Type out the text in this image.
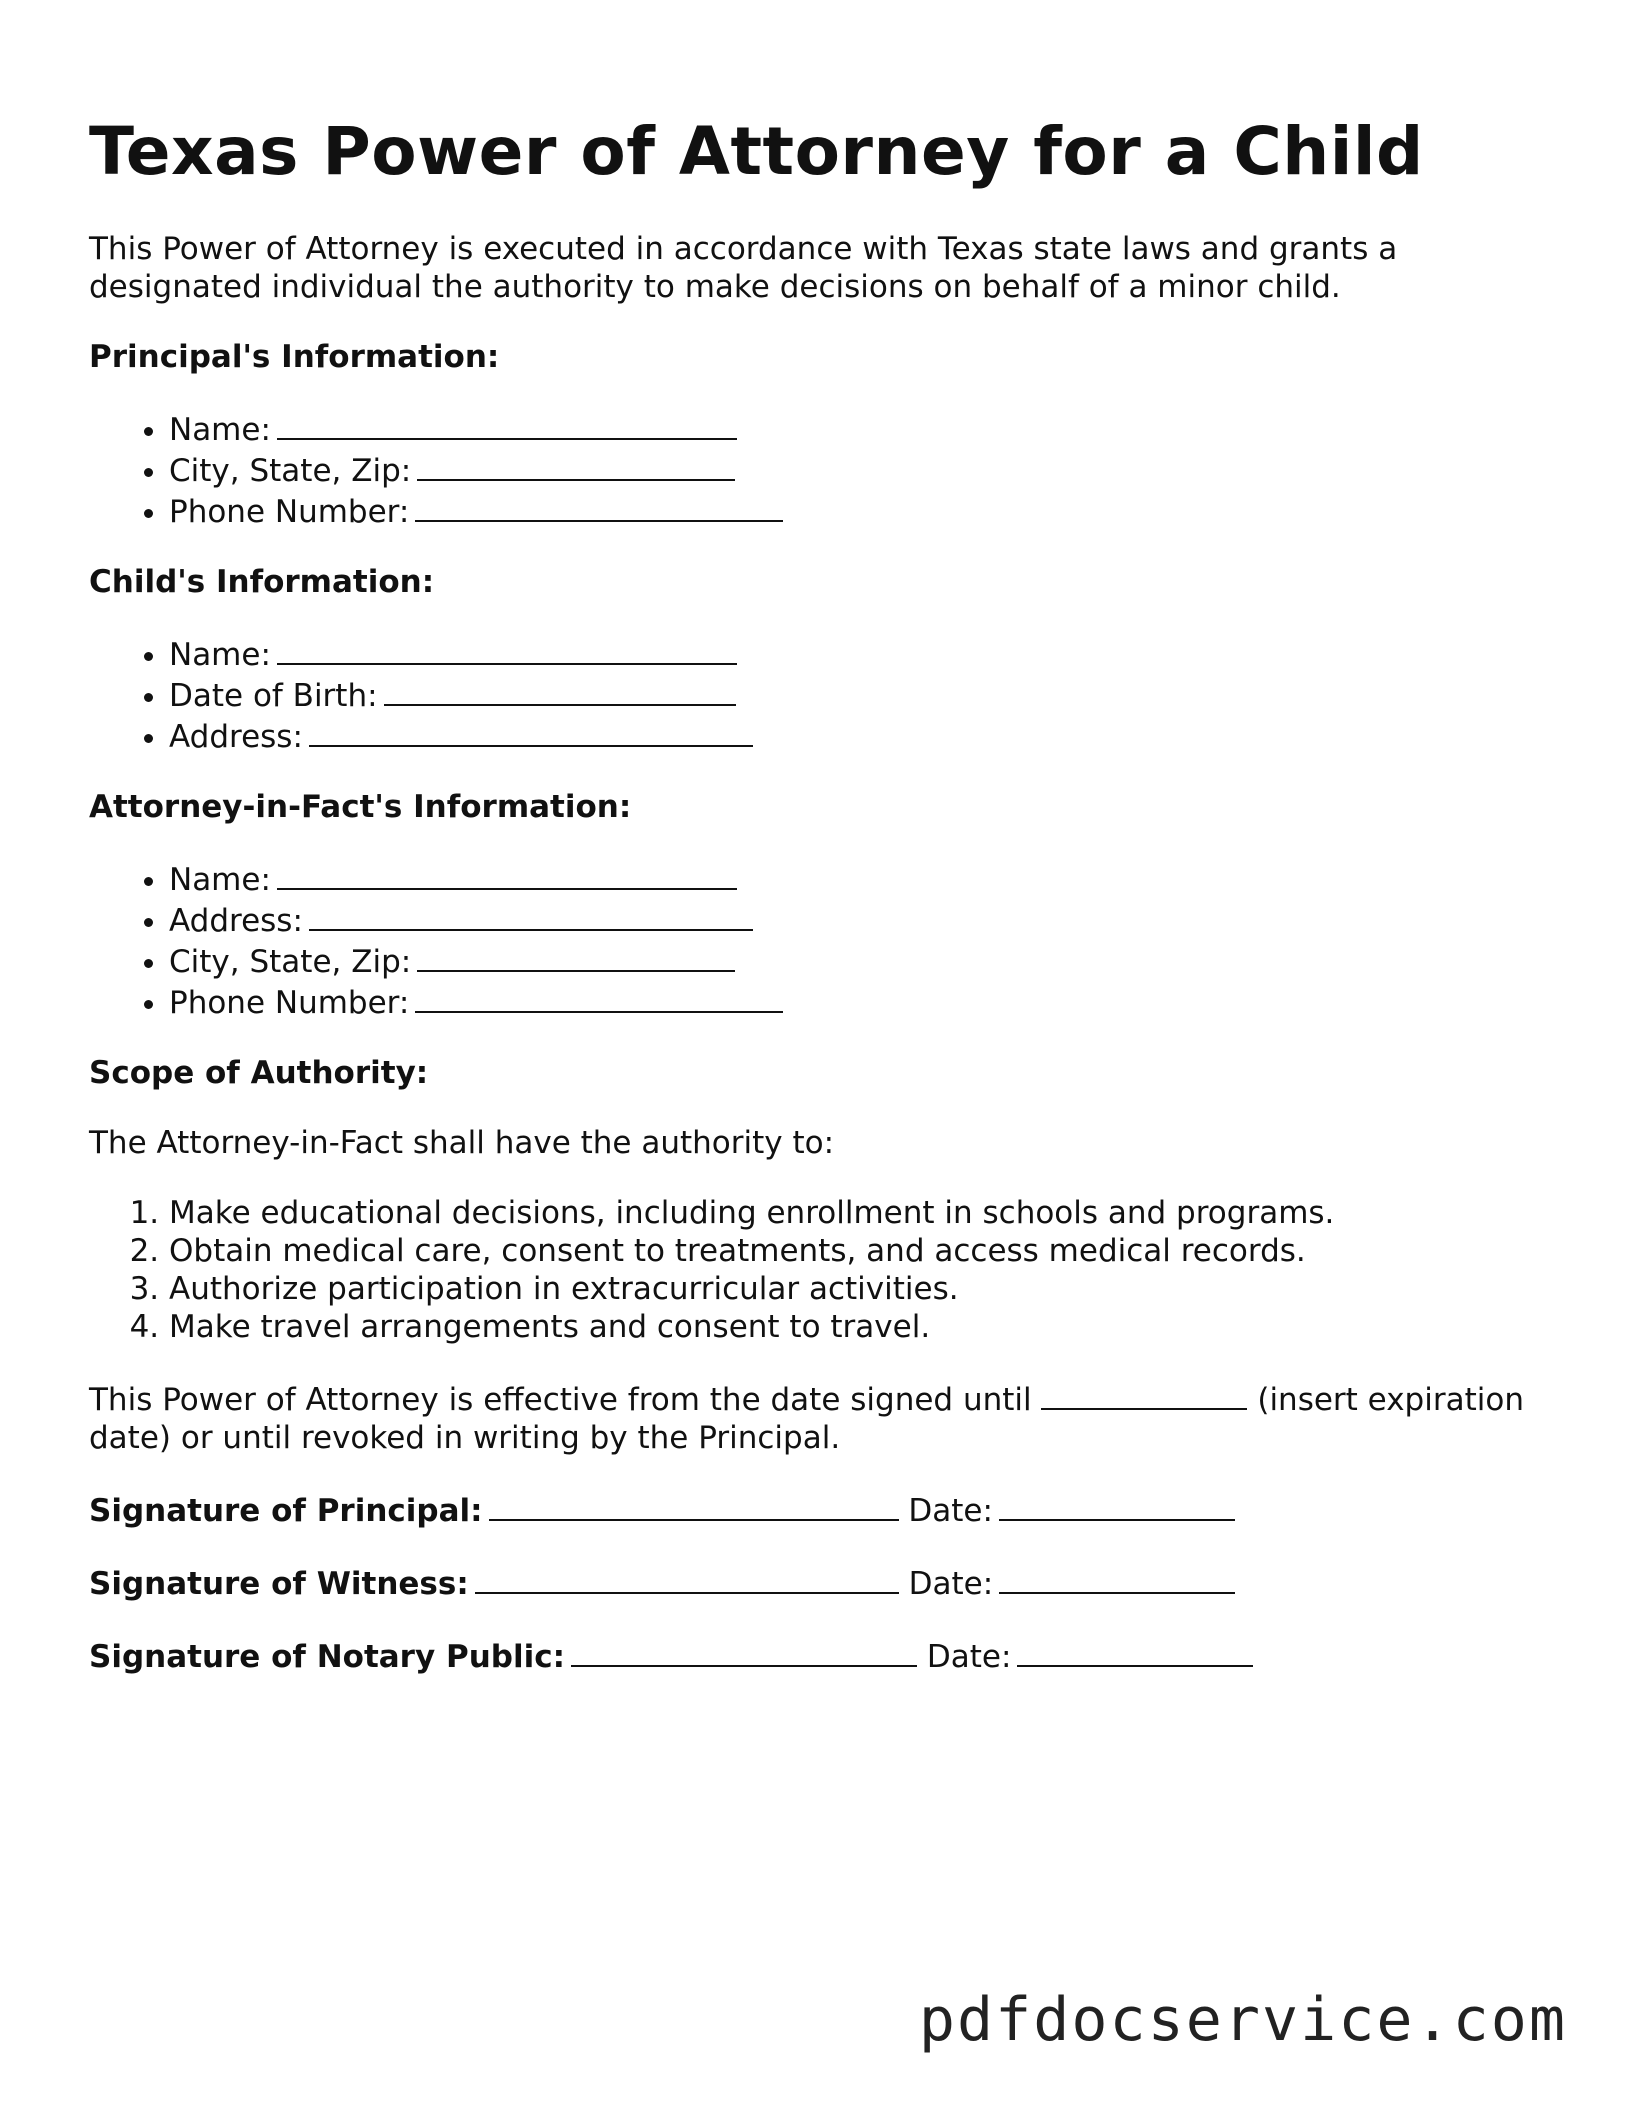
Texas Power of Attorney for a Child

This Power of Attorney is executed in accordance with Texas state laws and grants a designated individual the authority to make decisions on behalf of a minor child.

Principal's Information:
• Name:
• City, State, Zip:
• Phone Number:
Child's Information:
• Name:
• Date of Birth:
• Address:
Attorney-in-Fact's Information:
• Name:
• Address:
• City, State, Zip:
• Phone Number:
Scope of Authority:

The Attorney-in-Fact shall have the authority to:

1. Make educational decisions, including enrollment in schools and programs.
2. Obtain medical care, consent to treatments, and access medical records.
3. Authorize participation in extracurricular activities.
4. Make travel arrangements and consent to travel.

This Power of Attorney is effective from the date signed until	(insert expiration date) or until revoked in writing by the Principal.

Signature of Principal:	Date:
Signature of Witness:	Date:
Signature of Notary Public:	Date:
pdfdocservice.com
